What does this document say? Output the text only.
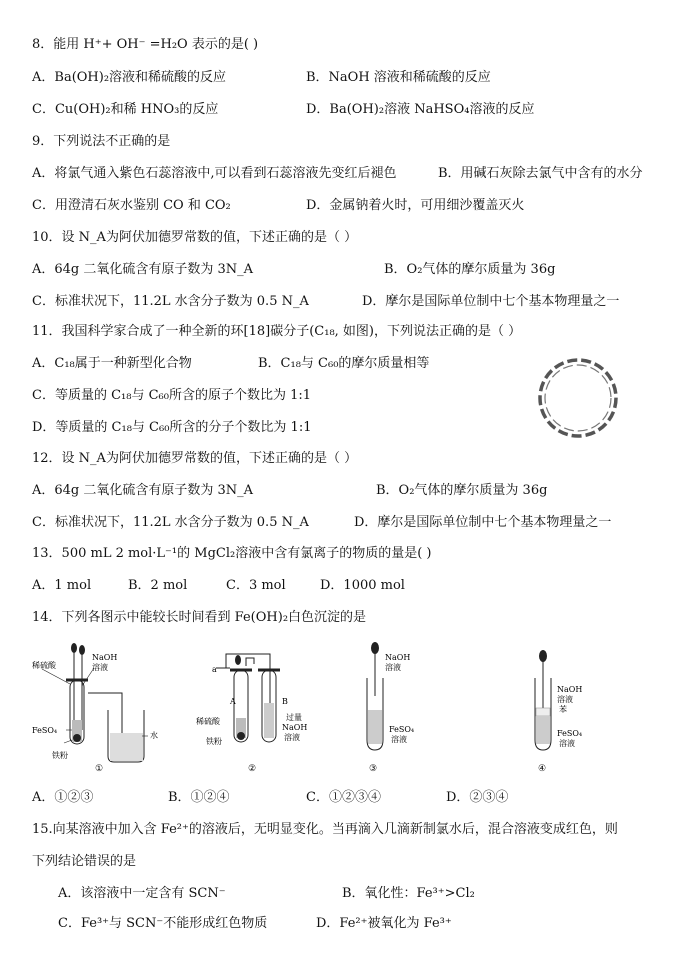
8．能用 H⁺+ OH⁻ =H₂O 表示的是( )
A．Ba(OH)₂溶液和稀硫酸的反应	B．NaOH 溶液和稀硫酸的反应
C．Cu(OH)₂和稀 HNO₃的反应	D．Ba(OH)₂溶液 NaHSO₄溶液的反应
9．下列说法不正确的是
A．将氯气通入紫色石蕊溶液中,可以看到石蕊溶液先变红后褪色	B．用碱石灰除去氯气中含有的水分
C．用澄清石灰水鉴别 CO 和 CO₂	D．金属钠着火时，可用细沙覆盖灭火
10．设 N_A为阿伏加德罗常数的值，下述正确的是（ ）
A．64g 二氧化硫含有原子数为 3N_A	B．O₂气体的摩尔质量为 36g
C．标准状况下，11.2L 水含分子数为 0.5 N_A	D．摩尔是国际单位制中七个基本物理量之一
11．我国科学家合成了一种全新的环[18]碳分子(C₁₈, 如图)，下列说法正确的是（ ）
A．C₁₈属于一种新型化合物	B．C₁₈与 C₆₀的摩尔质量相等
C．等质量的 C₁₈与 C₆₀所含的原子个数比为 1:1
D．等质量的 C₁₈与 C₆₀所含的分子个数比为 1:1
12．设 N_A为阿伏加德罗常数的值，下述正确的是（ ）
A．64g 二氧化硫含有原子数为 3N_A	B．O₂气体的摩尔质量为 36g
C．标准状况下，11.2L 水含分子数为 0.5 N_A	D．摩尔是国际单位制中七个基本物理量之一
13．500 mL 2 mol·L⁻¹的 MgCl₂溶液中含有氯离子的物质的量是( )
A．1 mol	B．2 mol	C．3 mol	D．1000 mol
14．下列各图示中能较长时间看到 Fe(OH)₂白色沉淀的是
稀硫酸
NaOH
溶液
FeSO₄
铁粉
水
①
a
A	B
稀硫酸
铁粉
过量
NaOH
溶液
②
NaOH
溶液
FeSO₄
溶液
③
NaOH
溶液
苯
FeSO₄
溶液
④
A．①②③	B．①②④	C．①②③④	D．②③④
15.向某溶液中加入含 Fe²⁺的溶液后，无明显变化。当再滴入几滴新制氯水后，混合溶液变成红色，则
下列结论错误的是
A．该溶液中一定含有 SCN⁻	B．氧化性：Fe³⁺>Cl₂
C．Fe³⁺与 SCN⁻不能形成红色物质	D．Fe²⁺被氧化为 Fe³⁺
